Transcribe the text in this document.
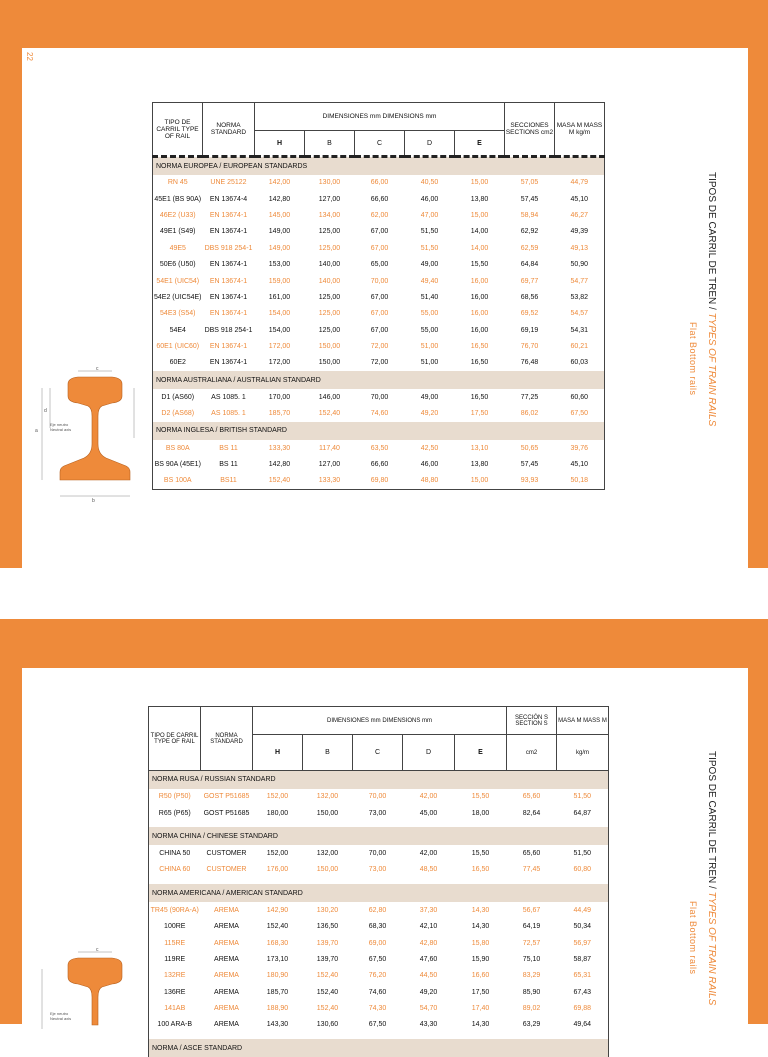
22
TIPOS DE CARRIL DE TREN / TYPES OF TRAIN RAILS
Flat Bottom rails
c
b
d
a
Eje neutro
Neutral axis
TIPO DE CARRIL TYPE OF RAIL	NORMA STANDARD	DIMENSIONES mm DIMENSIONS mm					SECCIONES SECTIONS cm2	MASA M MASS M kg/m
		H	B	C	D	E		
NORMA EUROPEA / EUROPEAN STANDARDS								
RN 45	UNE 25122	142,00	130,00	66,00	40,50	15,00	57,05	44,79
45E1 (BS 90A)	EN 13674-4	142,80	127,00	66,60	46,00	13,80	57,45	45,10
46E2 (U33)	EN 13674-1	145,00	134,00	62,00	47,00	15,00	58,94	46,27
49E1 (S49)	EN 13674-1	149,00	125,00	67,00	51,50	14,00	62,92	49,39
49E5	DBS 918 254-1	149,00	125,00	67,00	51,50	14,00	62,59	49,13
50E6 (U50)	EN 13674-1	153,00	140,00	65,00	49,00	15,50	64,84	50,90
54E1 (UIC54)	EN 13674-1	159,00	140,00	70,00	49,40	16,00	69,77	54,77
54E2 (UIC54E)	EN 13674-1	161,00	125,00	67,00	51,40	16,00	68,56	53,82
54E3 (S54)	EN 13674-1	154,00	125,00	67,00	55,00	16,00	69,52	54,57
54E4	DBS 918 254-1	154,00	125,00	67,00	55,00	16,00	69,19	54,31
60E1 (UIC60)	EN 13674-1	172,00	150,00	72,00	51,00	16,50	76,70	60,21
60E2	EN 13674-1	172,00	150,00	72,00	51,00	16,50	76,48	60,03
NORMA AUSTRALIANA / AUSTRALIAN STANDARD								
D1 (AS60)	AS 1085. 1	170,00	146,00	70,00	49,00	16,50	77,25	60,60
D2 (AS68)	AS 1085. 1	185,70	152,40	74,60	49,20	17,50	86,02	67,50
NORMA INGLESA / BRITISH STANDARD								
BS 80A	BS 11	133,30	117,40	63,50	42,50	13,10	50,65	39,76
BS 90A (45E1)	BS 11	142,80	127,00	66,60	46,00	13,80	57,45	45,10
BS 100A	BS11	152,40	133,30	69,80	48,80	15,00	93,93	50,18
TIPOS DE CARRIL DE TREN / TYPES OF TRAIN RAILS
Flat Bottom rails
c
Eje neutro
Neutral axis
TIPO DE CARRIL TYPE OF RAIL	NORMA STANDARD	DIMENSIONES mm DIMENSIONS mm					SECCIÓN S SECTION S	MASA M MASS M
		H	B	C	D	E	cm2	kg/m
NORMA RUSA / RUSSIAN STANDARD								
R50 (P50)	GOST P51685	152,00	132,00	70,00	42,00	15,50	65,60	51,50
R65 (P65)	GOST P51685	180,00	150,00	73,00	45,00	18,00	82,64	64,87

NORMA CHINA / CHINESE STANDARD								
CHINA 50	CUSTOMER	152,00	132,00	70,00	42,00	15,50	65,60	51,50
CHINA 60	CUSTOMER	176,00	150,00	73,00	48,50	16,50	77,45	60,80

NORMA AMERICANA / AMERICAN STANDARD								
TR45 (90RA-A)	AREMA	142,90	130,20	62,80	37,30	14,30	56,67	44,49
100RE	AREMA	152,40	136,50	68,30	42,10	14,30	64,19	50,34
115RE	AREMA	168,30	139,70	69,00	42,80	15,80	72,57	56,97
119RE	AREMA	173,10	139,70	67,50	47,60	15,90	75,10	58,87
132RE	AREMA	180,90	152,40	76,20	44,50	16,60	83,29	65,31
136RE	AREMA	185,70	152,40	74,60	49,20	17,50	85,90	67,43
141AB	AREMA	188,90	152,40	74,30	54,70	17,40	89,02	69,88
100 ARA-B	AREMA	143,30	130,60	67,50	43,30	14,30	63,29	49,64

NORMA / ASCE STANDARD								
